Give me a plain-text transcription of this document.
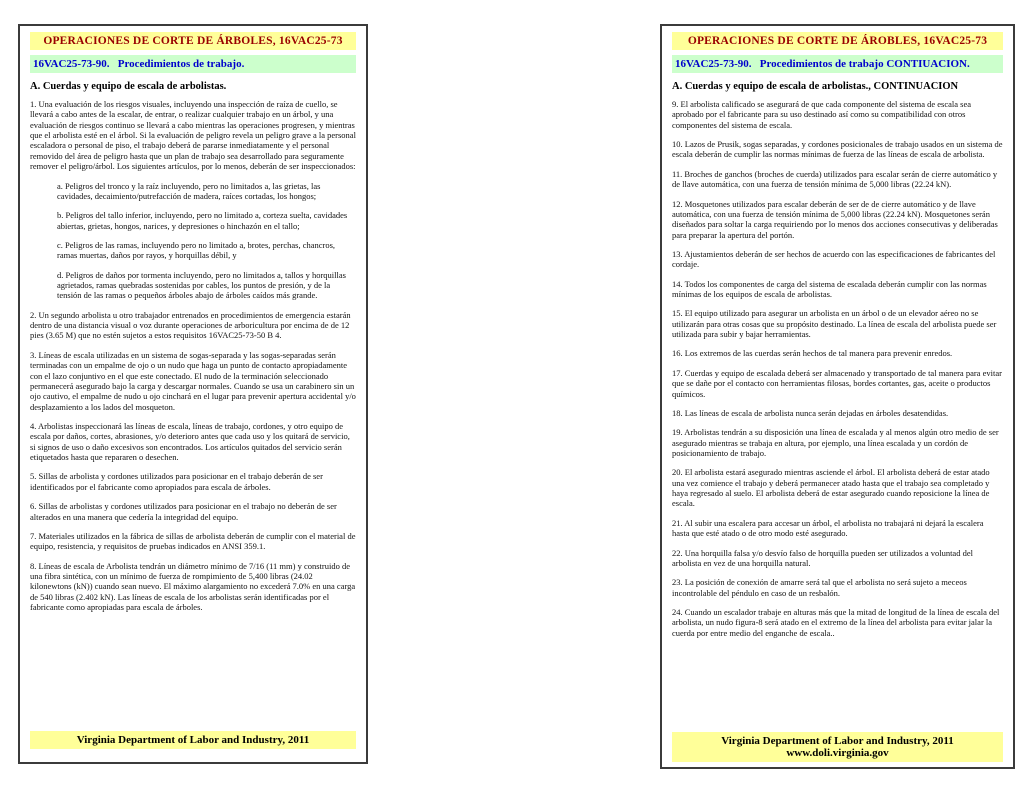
OPERACIONES DE CORTE DE ÁRBOLES, 16VAC25-73
16VAC25-73-90.   Procedimientos de trabajo.
A. Cuerdas y equipo de escala de arbolistas.

1. Una evaluación de los riesgos visuales, incluyendo una inspección de raíza de cuello, se llevará a cabo antes de la escalar, de entrar, o realizar cualquier trabajo en un árbol, y una evaluación de riesgos continuo se llevará a cabo mientras las operaciones progresen, y mientras que el arbolista esté en el árbol. Si la evaluación de peligro revela un peligro grave a la personal escaladora o personal de piso, el trabajo deberá de pararse inmediatamente y el personal removido del área de peligro hasta que un plan de trabajo sea desarrollado para seguramente remover el peligro/árbol. Los siguientes artículos, por lo menos, deberán de ser inspeccionados:

a. Peligros del tronco y la raíz incluyendo, pero no limitados a, las grietas, las cavidades, decaimiento/putrefacción de madera, raíces cortadas, los hongos;

b. Peligros del tallo inferior, incluyendo, pero no limitado a, corteza suelta, cavidades abiertas, grietas, hongos, narices, y depresiones o hinchazón en el tallo;

c. Peligros de las ramas, incluyendo pero no limitado a, brotes, perchas, chancros, ramas muertas, daños por rayos, y horquillas débil, y

d. Peligros de daños por tormenta incluyendo, pero no limitados a, tallos y horquillas agrietados, ramas quebradas sostenidas por cables, los puntos de presión, y de la tensión de las ramas o pequeños árboles abajo de árboles caídos más grande.

2. Un segundo arbolista u otro trabajador entrenados en procedimientos de emergencia estarán dentro de una distancia visual o voz durante operaciones de arboricultura por encima de de 12 pies (3.65 M) que no estén sujetos a estos requisitos 16VAC25-73-50 B 4.

3. Líneas de escala utilizadas en un sistema de sogas-separada y las sogas-separadas serán terminadas con un empalme de ojo o un nudo que haga un punto de contacto apropiadamente con el lazo conjuntivo en el que este conectado. El nudo de la terminación seleccionado permanecerá asegurado bajo la carga y descargar normales. Cuando se usa un carabinero sin un ojo cautivo, el empalme de nudo u ojo cinchará en el lugar para prevenir apertura accidental y/o desplazamiento a los lados del mosqueton.

4. Arbolistas inspeccionará las líneas de escala, líneas de trabajo, cordones, y otro equipo de escala por daños, cortes, abrasiones, y/o deterioro antes que cada uso y los quitará de servicio, si signos de uso o daño excesivos son encontrados. Los artículos quitados del servicio serán etiquetados hasta que repararen o desechen.

5. Sillas de arbolista y cordones utilizados para posicionar en el trabajo deberán de ser identificados por el fabricante como apropiados para escala de árboles.

6. Sillas de arbolistas y cordones utilizados para posicionar en el trabajo no deberán de ser alterados en una manera que cedería la integridad del equipo.

7. Materiales utilizados en la fábrica de sillas de arbolista deberán de cumplir con el material de equipo, resistencia, y requisitos de pruebas indicados en ANSI 359.1.

8. Líneas de escala de Arbolista tendrán un diámetro mínimo de 7/16 (11 mm) y construido de una fibra sintética, con un mínimo de fuerza de rompimiento de 5,400 libras (24.02 kilonewtons (kN)) cuando sean nuevo. El máximo alargamiento no excederá 7.0% en una carga de 540 libras (2.402 kN). Las líneas de escala de los arbolistas serán identificadas por el fabricante como apropiadas para escala de árboles.

Virginia Department of Labor and Industry, 2011
OPERACIONES DE CORTE DE ÁROBLES, 16VAC25-73
16VAC25-73-90.   Procedimientos de trabajo CONTIUACION.
A. Cuerdas y equipo de escala de arbolistas., CONTINUACION

9. El arbolista calificado se asegurará de que cada componente del sistema de escala sea aprobado por el fabricante para su uso destinado así como su compatibilidad con otros componentes del sistema de escala.

10. Lazos de Prusik, sogas separadas, y cordones posicionales de trabajo usados en un sistema de escala deberán de cumplir las normas mínimas de fuerza de las líneas de escala de arbolista.

11. Broches de ganchos (broches de cuerda) utilizados para escalar serán de cierre automático y de llave automática, con una fuerza de tensión mínima de 5,000 libras (22.24 kN).

12. Mosquetones utilizados para escalar deberán de ser de de cierre automático y de llave automática, con una fuerza de tensión mínima de 5,000 libras (22.24 kN). Mosquetones serán diseñados para soltar la carga requiriendo por lo menos dos acciones consecutivas y deliberadas para preparar la apertura del portón.

13. Ajustamientos deberán de ser hechos de acuerdo con las especificaciones de fabricantes del cordaje.

14. Todos los componentes de carga del sistema de escalada deberán cumplir con las normas mínimas de los equipos de escala de arbolistas.

15. El equipo utilizado para asegurar un arbolista en un árbol o de un elevador aéreo no se utilizarán para otras cosas que su propósito destinado. La línea de escala del arbolista puede ser utilizada para subir y bajar herramientas.

16. Los extremos de las cuerdas serán hechos de tal manera para prevenir enredos.

17. Cuerdas y equipo de escalada deberá ser almacenado y transportado de tal manera para evitar que se dañe por el contacto con herramientas filosas, bordes cortantes, gas, aceite o productos químicos.

18. Las líneas de escala de arbolista nunca serán dejadas en árboles desatendidas.

19. Arbolistas tendrán a su disposición una línea de escalada y al menos algún otro medio de ser asegurado mientras se trabaja en altura, por ejemplo, una línea escalada y un cordón de posicionamiento de trabajo.

20. El arbolista estará asegurado mientras asciende el árbol. El arbolista deberá de estar atado una vez comience el trabajo y deberá permanecer atado hasta que el trabajo sea completado y haya regresado al suelo. El arbolista deberá de estar asegurado cuando reposicione la línea de escala.

21. Al subir una escalera para accesar un árbol, el arbolista no trabajará ni dejará la escalera hasta que esté atado o de otro modo esté asegurado.

22. Una horquilla falsa y/o desvío falso de horquilla pueden ser utilizados a voluntad del arbolista en vez de una horquilla natural.

23. La posición de conexión de amarre será tal que el arbolista no será sujeto a meceos incontrolable del péndulo en caso de un resbalón.

24. Cuando un escalador trabaje en alturas más que la mitad de longitud de la línea de escala del arbolista, un nudo figura-8 será atado en el extremo de la línea del arbolista para evitar jalar la cuerda por entre medio del enganche de escala..

Virginia Department of Labor and Industry, 2011
www.doli.virginia.gov
